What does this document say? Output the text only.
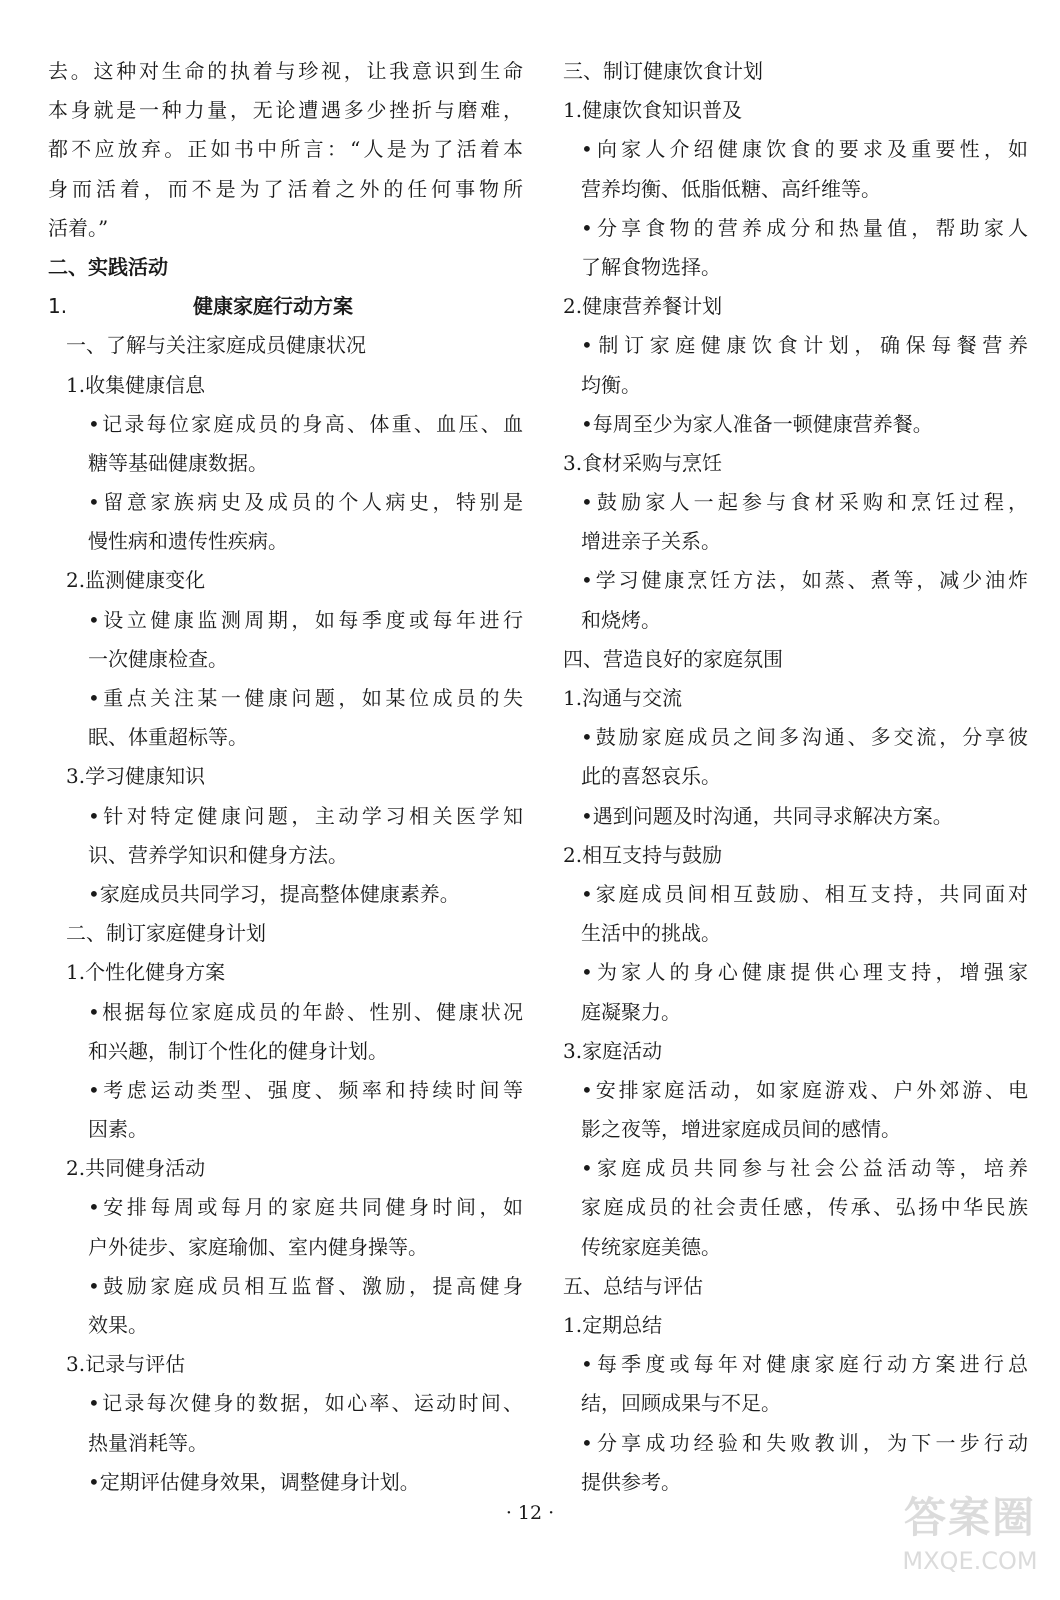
去。这种对生命的执着与珍视，让我意识到生命
本身就是一种力量，无论遭遇多少挫折与磨难，
都不应放弃。正如书中所言：“人是为了活着本
身而活着，而不是为了活着之外的任何事物所
活着。”
二、实践活动
1.	健康家庭行动方案
一、了解与关注家庭成员健康状况
1.收集健康信息
•记录每位家庭成员的身高、体重、血压、血
糖等基础健康数据。
•留意家族病史及成员的个人病史，特别是
慢性病和遗传性疾病。
2.监测健康变化
•设立健康监测周期，如每季度或每年进行
一次健康检查。
•重点关注某一健康问题，如某位成员的失
眠、体重超标等。
3.学习健康知识
•针对特定健康问题，主动学习相关医学知
识、营养学知识和健身方法。
•家庭成员共同学习，提高整体健康素养。
二、制订家庭健身计划
1.个性化健身方案
•根据每位家庭成员的年龄、性别、健康状况
和兴趣，制订个性化的健身计划。
•考虑运动类型、强度、频率和持续时间等
因素。
2.共同健身活动
•安排每周或每月的家庭共同健身时间，如
户外徒步、家庭瑜伽、室内健身操等。
•鼓励家庭成员相互监督、激励，提高健身
效果。
3.记录与评估
•记录每次健身的数据，如心率、运动时间、
热量消耗等。
•定期评估健身效果，调整健身计划。
三、制订健康饮食计划
1.健康饮食知识普及
•向家人介绍健康饮食的要求及重要性，如
营养均衡、低脂低糖、高纤维等。
•分享食物的营养成分和热量值，帮助家人
了解食物选择。
2.健康营养餐计划
•制订家庭健康饮食计划，确保每餐营养
均衡。
•每周至少为家人准备一顿健康营养餐。
3.食材采购与烹饪
•鼓励家人一起参与食材采购和烹饪过程，
增进亲子关系。
•学习健康烹饪方法，如蒸、煮等，减少油炸
和烧烤。
四、营造良好的家庭氛围
1.沟通与交流
•鼓励家庭成员之间多沟通、多交流，分享彼
此的喜怒哀乐。
•遇到问题及时沟通，共同寻求解决方案。
2.相互支持与鼓励
•家庭成员间相互鼓励、相互支持，共同面对
生活中的挑战。
•为家人的身心健康提供心理支持，增强家
庭凝聚力。
3.家庭活动
•安排家庭活动，如家庭游戏、户外郊游、电
影之夜等，增进家庭成员间的感情。
•家庭成员共同参与社会公益活动等，培养
家庭成员的社会责任感，传承、弘扬中华民族
传统家庭美德。
五、总结与评估
1.定期总结
•每季度或每年对健康家庭行动方案进行总
结，回顾成果与不足。
•分享成功经验和失败教训，为下一步行动
提供参考。
· 12 ·	答案圈
MXQE.COM
